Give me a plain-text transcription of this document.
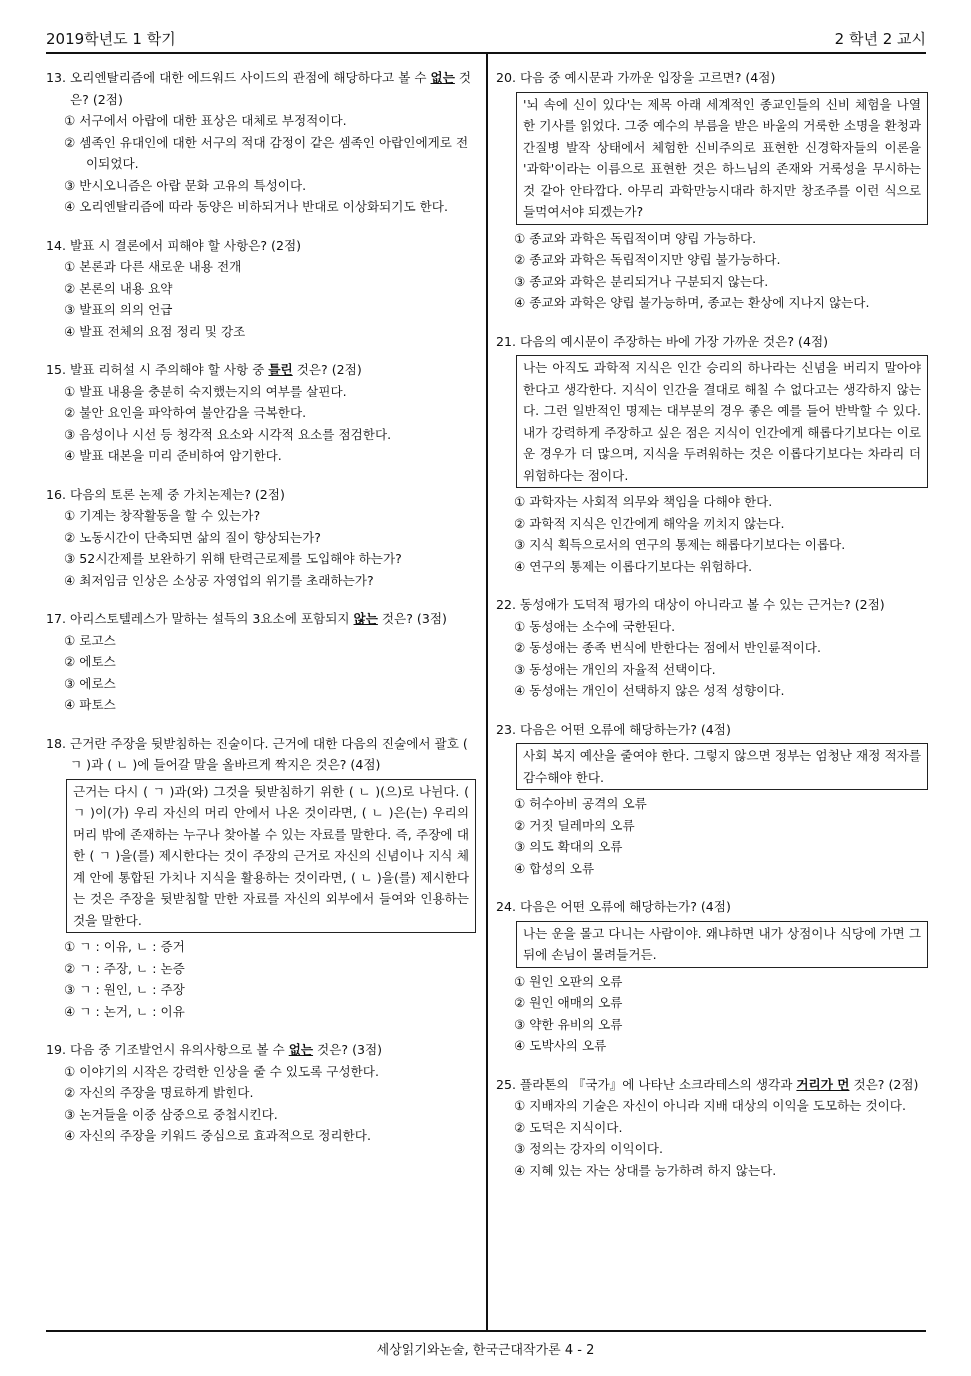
2019학년도 1 학기	2 학년 2 교시
13. 오리엔탈리즘에 대한 에드워드 사이드의 관점에 해당하다고 볼 수 없는 것은? (2점)
① 서구에서 아랍에 대한 표상은 대체로 부정적이다.
② 셈족인 유대인에 대한 서구의 적대 감정이 같은 셈족인 아랍인에게로 전이되었다.
③ 반시오니즘은 아랍 문화 고유의 특성이다.
④ 오리엔탈리즘에 따라 동양은 비하되거나 반대로 이상화되기도 한다.
14. 발표 시 결론에서 피해야 할 사항은? (2점)
① 본론과 다른 새로운 내용 전개
② 본론의 내용 요약
③ 발표의 의의 언급
④ 발표 전체의 요점 정리 및 강조
15. 발표 리허설 시 주의해야 할 사항 중 틀린 것은? (2점)
① 발표 내용을 충분히 숙지했는지의 여부를 살핀다.
② 불안 요인을 파악하여 불안감을 극복한다.
③ 음성이나 시선 등 청각적 요소와 시각적 요소를 점검한다.
④ 발표 대본을 미리 준비하여 암기한다.
16. 다음의 토론 논제 중 가치논제는? (2점)
① 기계는 창작활동을 할 수 있는가?
② 노동시간이 단축되면 삶의 질이 향상되는가?
③ 52시간제를 보완하기 위해 탄력근로제를 도입해야 하는가?
④ 최저임금 인상은 소상공 자영업의 위기를 초래하는가?
17. 아리스토텔레스가 말하는 설득의 3요소에 포함되지 않는 것은? (3점)
① 로고스
② 에토스
③ 에로스
④ 파토스
18. 근거란 주장을 뒷받침하는 진술이다. 근거에 대한 다음의 진술에서 괄호 ( ㄱ )과 ( ㄴ )에 들어갈 말을 올바르게 짝지은 것은? (4점)
근거는 다시 ( ㄱ )과(와) 그것을 뒷받침하기 위한 ( ㄴ )(으)로 나뉜다. ( ㄱ )이(가) 우리 자신의 머리 안에서 나온 것이라면, ( ㄴ )은(는) 우리의 머리 밖에 존재하는 누구나 찾아볼 수 있는 자료를 말한다. 즉, 주장에 대한 ( ㄱ )을(를) 제시한다는 것이 주장의 근거로 자신의 신념이나 지식 체계 안에 통합된 가치나 지식을 활용하는 것이라면, ( ㄴ )을(를) 제시한다는 것은 주장을 뒷받침할 만한 자료를 자신의 외부에서 들여와 인용하는 것을 말한다.
① ㄱ : 이유, ㄴ : 증거
② ㄱ : 주장, ㄴ : 논증
③ ㄱ : 원인, ㄴ : 주장
④ ㄱ : 논거, ㄴ : 이유
19. 다음 중 기조발언시 유의사항으로 볼 수 없는 것은? (3점)
① 이야기의 시작은 강력한 인상을 줄 수 있도록 구성한다.
② 자신의 주장을 명료하게 밝힌다.
③ 논거들을 이중 삼중으로 중첩시킨다.
④ 자신의 주장을 키워드 중심으로 효과적으로 정리한다.
20. 다음 중 예시문과 가까운 입장을 고르면? (4점)
'뇌 속에 신이 있다'는 제목 아래 세계적인 종교인들의 신비 체험을 나열한 기사를 읽었다. 그중 예수의 부름을 받은 바울의 거룩한 소명을 환청과 간질병 발작 상태에서 체험한 신비주의로 표현한 신경학자들의 이론을 '과학'이라는 이름으로 표현한 것은 하느님의 존재와 거룩성을 무시하는 것 같아 안타깝다. 아무리 과학만능시대라 하지만 창조주를 이런 식으로 들먹여서야 되겠는가?
① 종교와 과학은 독립적이며 양립 가능하다.
② 종교와 과학은 독립적이지만 양립 불가능하다.
③ 종교와 과학은 분리되거나 구분되지 않는다.
④ 종교와 과학은 양립 불가능하며, 종교는 환상에 지나지 않는다.
21. 다음의 예시문이 주장하는 바에 가장 가까운 것은? (4점)
나는 아직도 과학적 지식은 인간 승리의 하나라는 신념을 버리지 말아야 한다고 생각한다. 지식이 인간을 결대로 해칠 수 없다고는 생각하지 않는다. 그런 일반적인 명제는 대부분의 경우 좋은 예를 들어 반박할 수 있다. 내가 강력하게 주장하고 싶은 점은 지식이 인간에게 해롭다기보다는 이로운 경우가 더 많으며, 지식을 두려워하는 것은 이롭다기보다는 차라리 더 위험하다는 점이다.
① 과학자는 사회적 의무와 책임을 다해야 한다.
② 과학적 지식은 인간에게 해악을 끼치지 않는다.
③ 지식 획득으로서의 연구의 통제는 해롭다기보다는 이롭다.
④ 연구의 통제는 이롭다기보다는 위험하다.
22. 동성애가 도덕적 평가의 대상이 아니라고 볼 수 있는 근거는? (2점)
① 동성애는 소수에 국한된다.
② 동성애는 종족 번식에 반한다는 점에서 반인륜적이다.
③ 동성애는 개인의 자율적 선택이다.
④ 동성애는 개인이 선택하지 않은 성적 성향이다.
23. 다음은 어떤 오류에 해당하는가? (4점)
사회 복지 예산을 줄여야 한다. 그렇지 않으면 정부는 엄청난 재정 적자를 감수해야 한다.
① 허수아비 공격의 오류
② 거짓 딜레마의 오류
③ 의도 확대의 오류
④ 합성의 오류
24. 다음은 어떤 오류에 해당하는가? (4점)
나는 운을 몰고 다니는 사람이야. 왜냐하면 내가 상점이나 식당에 가면 그 뒤에 손님이 몰려들거든.
① 원인 오판의 오류
② 원인 애매의 오류
③ 약한 유비의 오류
④ 도박사의 오류
25. 플라톤의 『국가』에 나타난 소크라테스의 생각과 거리가 먼 것은? (2점)
① 지배자의 기술은 자신이 아니라 지배 대상의 이익을 도모하는 것이다.
② 도덕은 지식이다.
③ 정의는 강자의 이익이다.
④ 지혜 있는 자는 상대를 능가하려 하지 않는다.
세상읽기와논술, 한국근대작가론 4 - 2
